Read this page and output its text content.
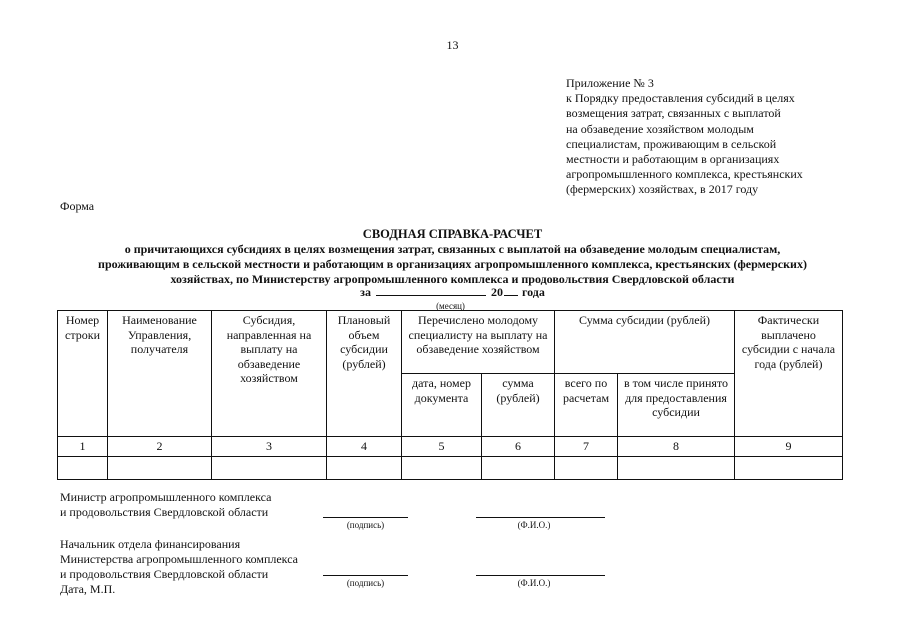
13
Приложение № 3
к Порядку предоставления субсидий в целях
возмещения затрат, связанных с выплатой
на обзаведение хозяйством молодым
специалистам, проживающим в сельской
местности и работающим в организациях
агропромышленного комплекса, крестьянских
(фермерских) хозяйствах, в 2017 году
Форма
СВОДНАЯ СПРАВКА-РАСЧЕТ
о причитающихся субсидиях в целях возмещения затрат, связанных с выплатой на обзаведение молодым специалистам,
проживающим в сельской местности и работающим в организациях агропромышленного комплекса, крестьянских (фермерских)
хозяйствах, по Министерству агропромышленного комплекса и продовольствия Свердловской области
за	20 года
(месяц)
Номер строки	Наименование Управления, получателя	Субсидия, направленная на выплату на обзаведение хозяйством	Плановый объем субсидии (рублей)	Перечислено молодому специалисту на выплату на обзаведение хозяйством		Сумма субсидии (рублей)		Фактически выплачено субсидии с начала года (рублей)
				дата, номер документа	сумма (рублей)	всего по расчетам	в том числе принято для предоставления субсидии	
1	2	3	4	5	6	7	8	9

Министр агропромышленного комплекса
и продовольствия Свердловской области
(подпись)	(Ф.И.О.)
Начальник отдела финансирования
Министерства агропромышленного комплекса
и продовольствия Свердловской области
Дата, М.П.	(подпись)	(Ф.И.О.)
